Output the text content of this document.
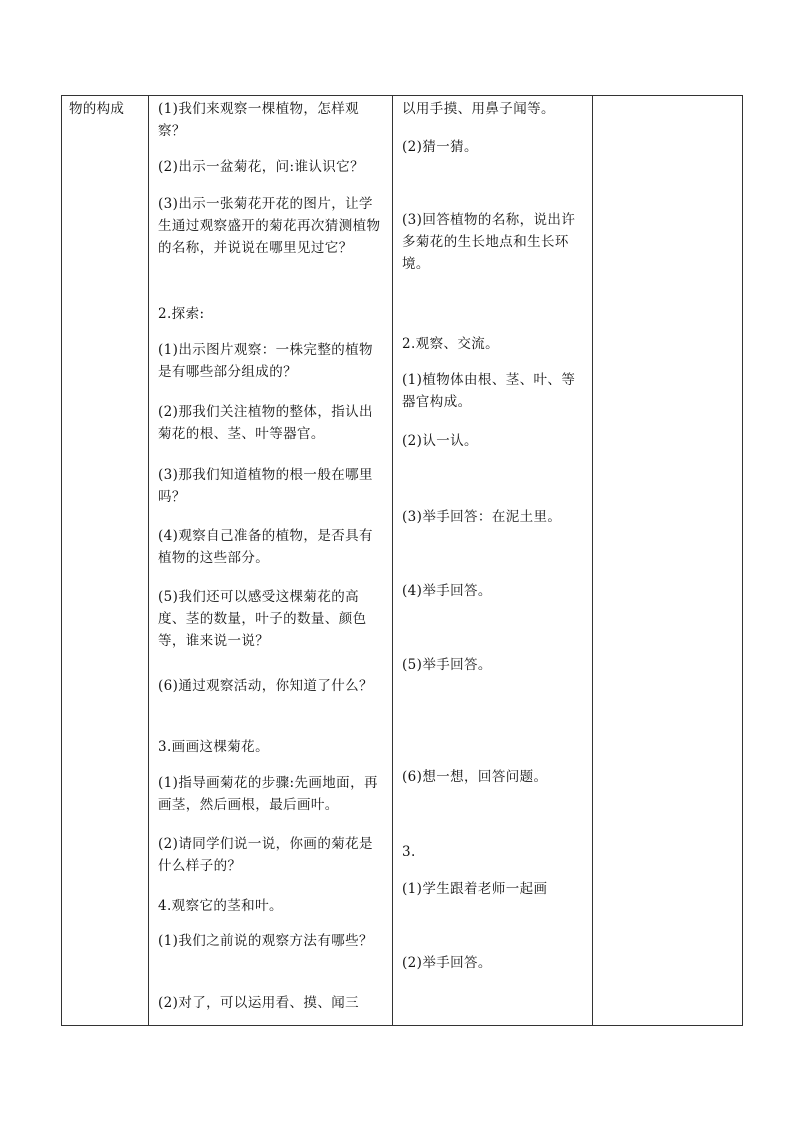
物的构成	(1)我们来观察一棵植物，怎样观察？
(2)出示一盆菊花，问:谁认识它？
(3)出示一张菊花开花的图片，让学生通过观察盛开的菊花再次猜测植物的名称，并说说在哪里见过它？
2.探索:
(1)出示图片观察：一株完整的植物是有哪些部分组成的？
(2)那我们关注植物的整体，指认出菊花的根、茎、叶等器官。
(3)那我们知道植物的根一般在哪里吗？
(4)观察自己准备的植物，是否具有植物的这些部分。
(5)我们还可以感受这棵菊花的高度、茎的数量，叶子的数量、颜色等，谁来说一说？
(6)通过观察活动，你知道了什么？
3.画画这棵菊花。
(1)指导画菊花的步骤:先画地面，再画茎，然后画根，最后画叶。
(2)请同学们说一说，你画的菊花是什么样子的？
4.观察它的茎和叶。
(1)我们之前说的观察方法有哪些？
(2)对了，可以运用看、摸、闻三
以用手摸、用鼻子闻等。
(2)猜一猜。
(3)回答植物的名称，说出许多菊花的生长地点和生长环境。
2.观察、交流。
(1)植物体由根、茎、叶、等器官构成。
(2)认一认。
(3)举手回答：在泥土里。
(4)举手回答。
(5)举手回答。
(6)想一想，回答问题。
3.
(1)学生跟着老师一起画
(2)举手回答。
